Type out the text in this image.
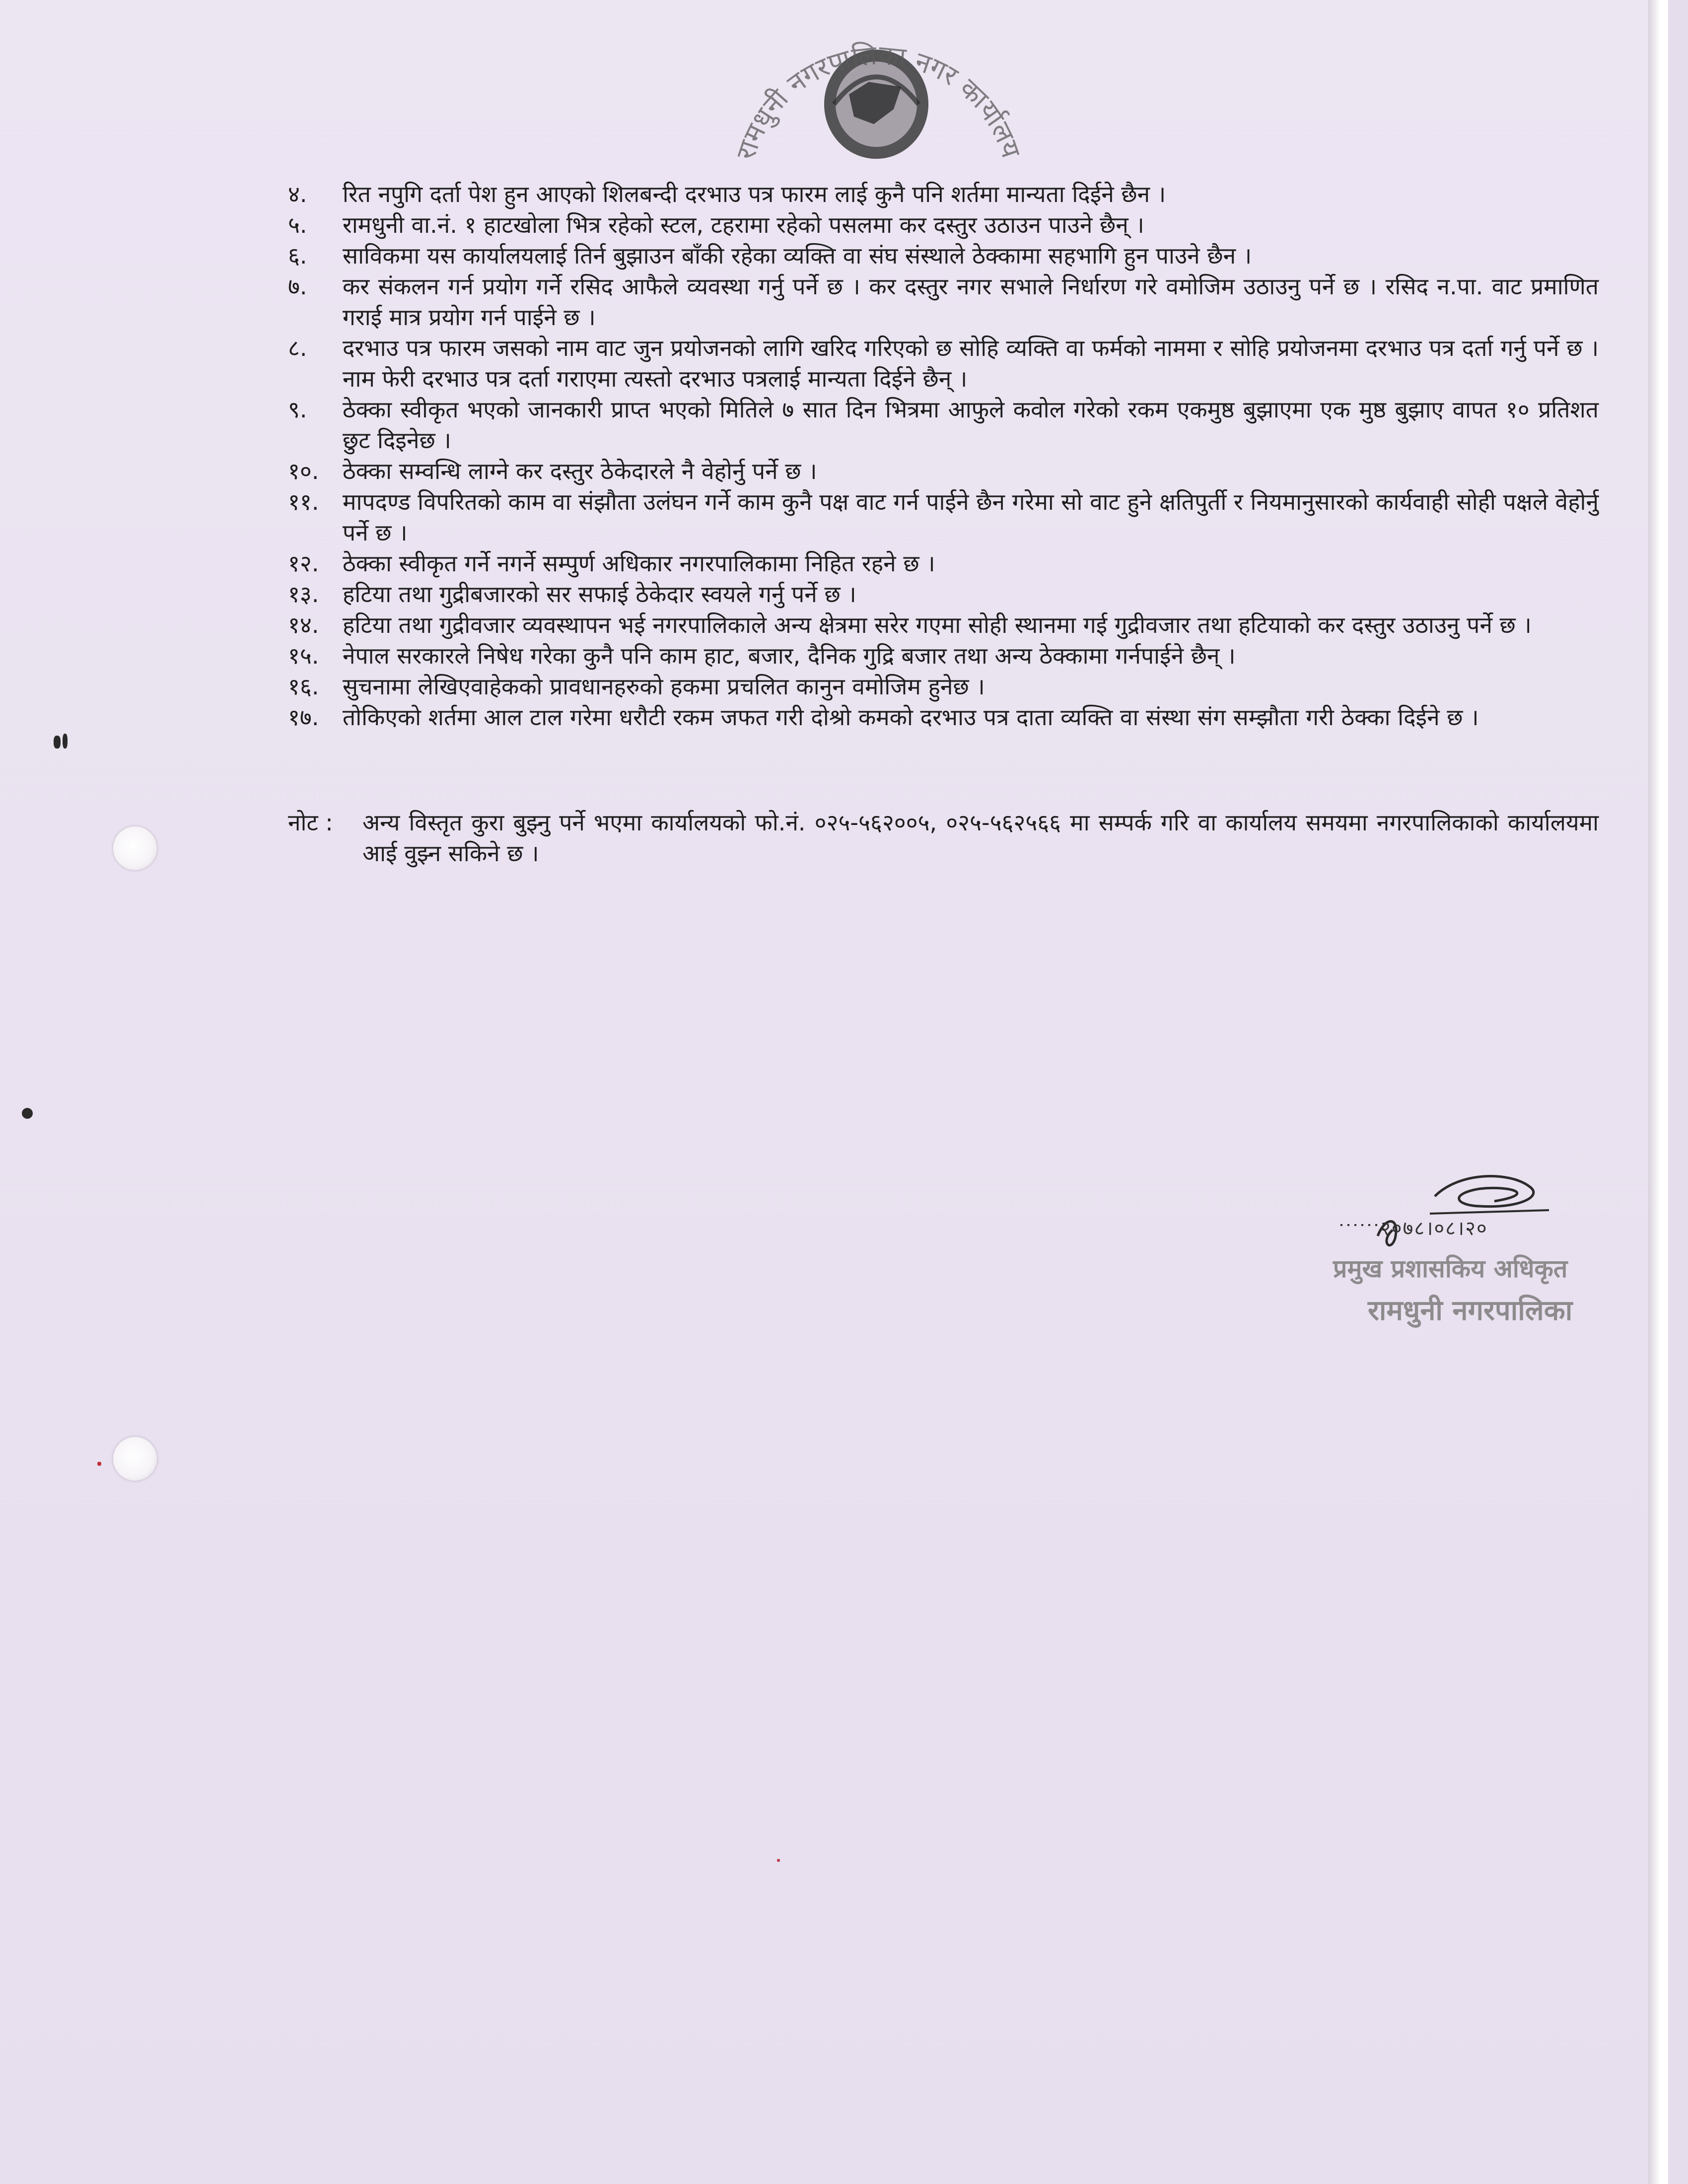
रामधुनी नगरपालिका नगर कार्यालय
४.	रित नपुगि दर्ता पेश हुन आएको शिलबन्दी दरभाउ पत्र फारम लाई कुनै पनि शर्तमा मान्यता दिईने छैन ।
५.	रामधुनी वा.नं. १ हाटखोला भित्र रहेको स्टल, टहरामा रहेको पसलमा कर दस्तुर उठाउन पाउने छैन् ।
६.	साविकमा यस कार्यालयलाई तिर्न बुझाउन बाँकी रहेका व्यक्ति वा संघ संस्थाले ठेक्कामा सहभागि हुन पाउने छैन ।
७.	कर संकलन गर्न प्रयोग गर्ने रसिद आफैले व्यवस्था गर्नु पर्ने छ । कर दस्तुर नगर सभाले निर्धारण गरे वमोजिम उठाउनु पर्ने छ । रसिद न.पा. वाट प्रमाणित गराई मात्र प्रयोग गर्न पाईने छ ।
८.	दरभाउ पत्र फारम जसको नाम वाट जुन प्रयोजनको लागि खरिद गरिएको छ सोहि व्यक्ति वा फर्मको नाममा र सोहि प्रयोजनमा दरभाउ पत्र दर्ता गर्नु पर्ने छ । नाम फेरी दरभाउ पत्र दर्ता गराएमा त्यस्तो दरभाउ पत्रलाई मान्यता दिईने छैन् ।
९.	ठेक्का स्वीकृत भएको जानकारी प्राप्त भएको मितिले ७ सात दिन भित्रमा आफुले कवोल गरेको रकम एकमुष्ठ बुझाएमा एक मुष्ठ बुझाए वापत १० प्रतिशत छुट दिइनेछ ।
१०.	ठेक्का सम्वन्धि लाग्ने कर दस्तुर ठेकेदारले नै वेहोर्नु पर्ने छ ।
११.	मापदण्ड विपरितको काम वा संझौता उलंघन गर्ने काम कुनै पक्ष वाट गर्न पाईने छैन गरेमा सो वाट हुने क्षतिपुर्ती र नियमानुसारको कार्यवाही सोही पक्षले वेहोर्नु पर्ने छ ।
१२.	ठेक्का स्वीकृत गर्ने नगर्ने सम्पुर्ण अधिकार नगरपालिकामा निहित रहने छ ।
१३.	हटिया तथा गुद्रीबजारको सर सफाई ठेकेदार स्वयले गर्नु पर्ने छ ।
१४.	हटिया तथा गुद्रीवजार व्यवस्थापन भई नगरपालिकाले अन्य क्षेत्रमा सरेर गएमा सोही स्थानमा गई गुद्रीवजार तथा हटियाको कर दस्तुर उठाउनु पर्ने छ ।
१५.	नेपाल सरकारले निषेध गरेका कुनै पनि काम हाट, बजार, दैनिक गुद्रि बजार तथा अन्य ठेक्कामा गर्नपाईने छैन् ।
१६.	सुचनामा लेखिएवाहेकको प्रावधानहरुको हकमा प्रचलित कानुन वमोजिम हुनेछ ।
१७.	तोकिएको शर्तमा आल टाल गरेमा धरौटी रकम जफत गरी दोश्रो कमको दरभाउ पत्र दाता व्यक्ति वा संस्था संग सम्झौता गरी ठेक्का दिईने छ ।
नोट :	अन्य विस्तृत कुरा बुझ्नु पर्ने भएमा कार्यालयको फो.नं. ०२५-५६२००५, ०२५-५६२५६६ मा सम्पर्क गरि वा कार्यालय समयमा नगरपालिकाको कार्यालयमा आई वुझ्न सकिने छ ।
२०७८।०८।२०
प्रमुख प्रशासकिय अधिकृत
रामधुनी नगरपालिका
